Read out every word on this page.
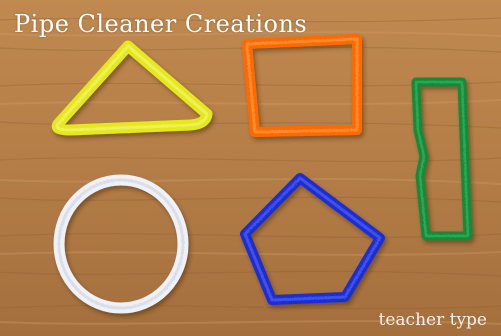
Pipe Cleaner Creations
teacher type
